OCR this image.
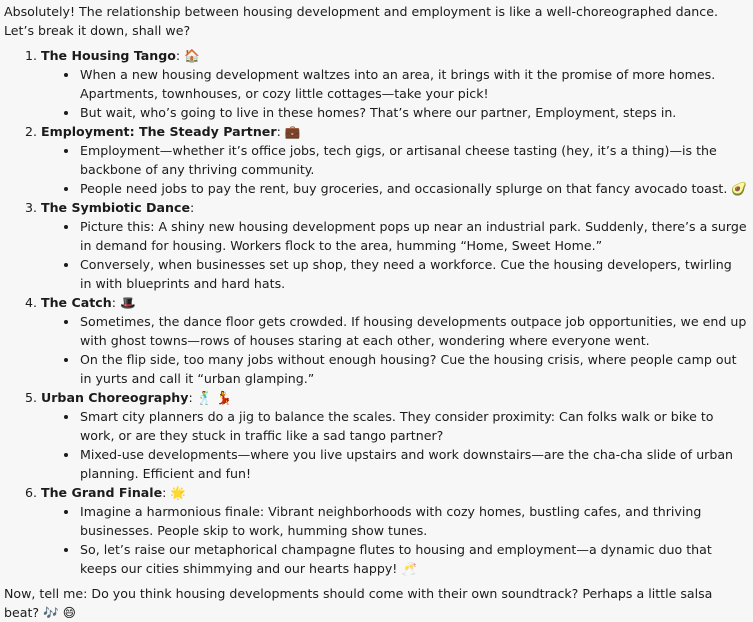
Absolutely! The relationship between housing development and employment is like a well-choreographed dance. Let’s break it down, shall we?

1. The Housing Tango: 🏠
• When a new housing development waltzes into an area, it brings with it the promise of more homes. Apartments, townhouses, or cozy little cottages—take your pick!
• But wait, who’s going to live in these homes? That’s where our partner, Employment, steps in.
2. Employment: The Steady Partner: 💼
• Employment—whether it’s office jobs, tech gigs, or artisanal cheese tasting (hey, it’s a thing)—is the backbone of any thriving community.
• People need jobs to pay the rent, buy groceries, and occasionally splurge on that fancy avocado toast. 🥑
3. The Symbiotic Dance:
• Picture this: A shiny new housing development pops up near an industrial park. Suddenly, there’s a surge in demand for housing. Workers flock to the area, humming “Home, Sweet Home.”
• Conversely, when businesses set up shop, they need a workforce. Cue the housing developers, twirling in with blueprints and hard hats.
4. The Catch: 🎩
• Sometimes, the dance floor gets crowded. If housing developments outpace job opportunities, we end up with ghost towns—rows of houses staring at each other, wondering where everyone went.
• On the flip side, too many jobs without enough housing? Cue the housing crisis, where people camp out in yurts and call it “urban glamping.”
5. Urban Choreography: 🕺 💃
• Smart city planners do a jig to balance the scales. They consider proximity: Can folks walk or bike to work, or are they stuck in traffic like a sad tango partner?
• Mixed-use developments—where you live upstairs and work downstairs—are the cha-cha slide of urban planning. Efficient and fun!
6. The Grand Finale: 🌟
• Imagine a harmonious finale: Vibrant neighborhoods with cozy homes, bustling cafes, and thriving businesses. People skip to work, humming show tunes.
• So, let’s raise our metaphorical champagne flutes to housing and employment—a dynamic duo that keeps our cities shimmying and our hearts happy! 🥂

Now, tell me: Do you think housing developments should come with their own soundtrack? Perhaps a little salsa beat? 🎶 😄
